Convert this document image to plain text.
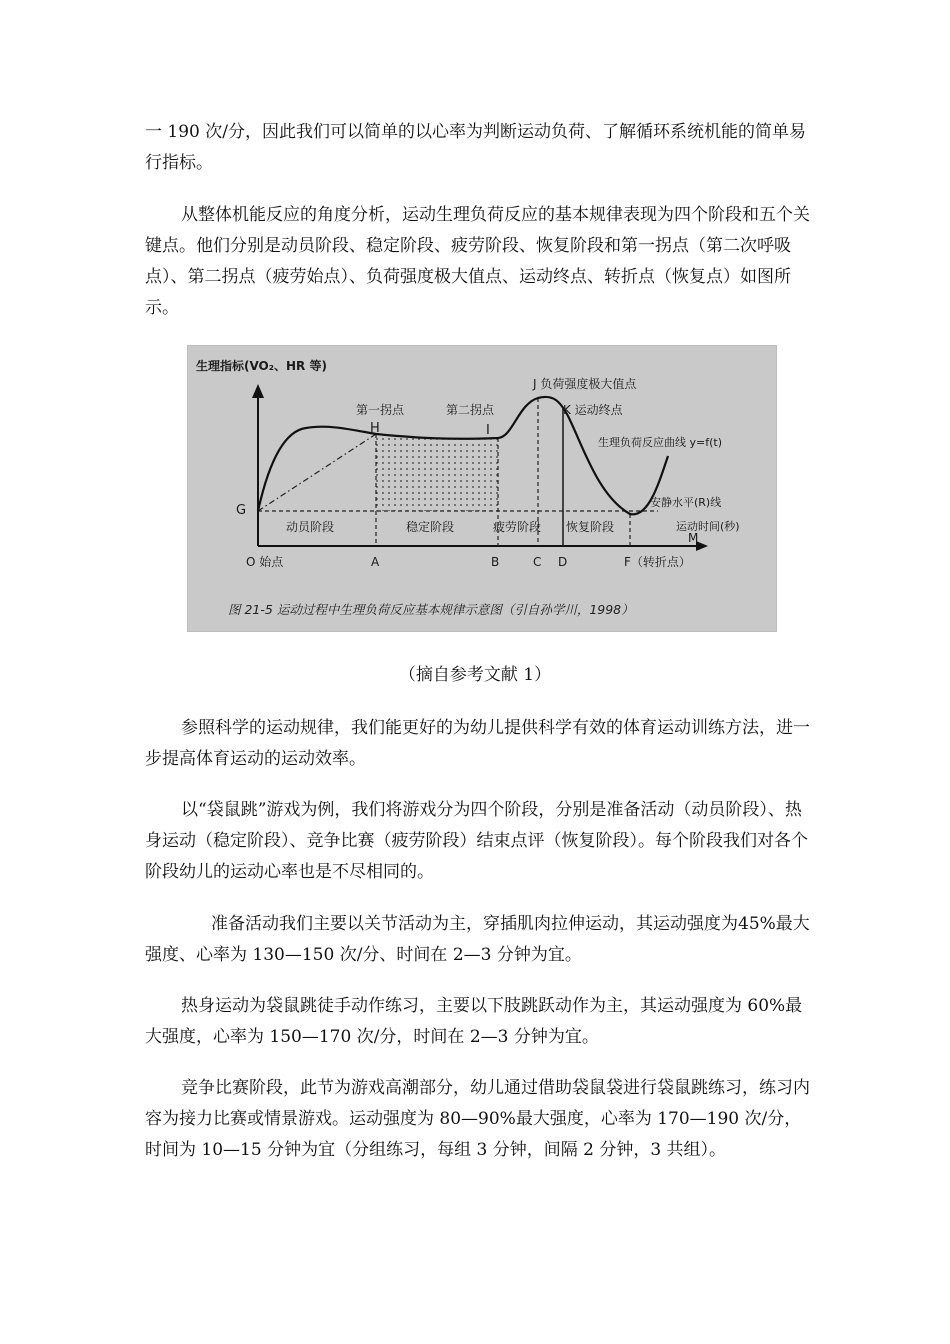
一 190 次/分，因此我们可以简单的以心率为判断运动负荷、了解循环系统机能的简单易行指标。

从整体机能反应的角度分析，运动生理负荷反应的基本规律表现为四个阶段和五个关键点。他们分别是动员阶段、稳定阶段、疲劳阶段、恢复阶段和第一拐点（第二次呼吸点）、第二拐点（疲劳始点）、负荷强度极大值点、运动终点、转折点（恢复点）如图所示。

生理指标(VO₂、HR 等)
G
H	I
第一拐点	第二拐点
J 负荷强度极大值点
K 运动终点
生理负荷反应曲线 y=f(t)
安静水平(R)线
运动时间(秒)
M
动员阶段	稳定阶段	疲劳阶段 恢复阶段
O 始点	A	B	C D	F（转折点）
图 21-5 运动过程中生理负荷反应基本规律示意图（引自孙学川，1998）

（摘自参考文献 1）

参照科学的运动规律，我们能更好的为幼儿提供科学有效的体育运动训练方法，进一步提高体育运动的运动效率。

以“袋鼠跳”游戏为例，我们将游戏分为四个阶段，分别是准备活动（动员阶段）、热身运动（稳定阶段）、竞争比赛（疲劳阶段）结束点评（恢复阶段）。每个阶段我们对各个阶段幼儿的运动心率也是不尽相同的。

准备活动我们主要以关节活动为主，穿插肌肉拉伸运动，其运动强度为45%最大强度、心率为 130—150 次/分、时间在 2—3 分钟为宜。

热身运动为袋鼠跳徒手动作练习，主要以下肢跳跃动作为主，其运动强度为 60%最大强度，心率为 150—170 次/分，时间在 2—3 分钟为宜。

竞争比赛阶段，此节为游戏高潮部分，幼儿通过借助袋鼠袋进行袋鼠跳练习，练习内容为接力比赛或情景游戏。运动强度为 80—90%最大强度，心率为 170—190 次/分，时间为 10—15 分钟为宜（分组练习，每组 3 分钟，间隔 2 分钟，3 共组）。
